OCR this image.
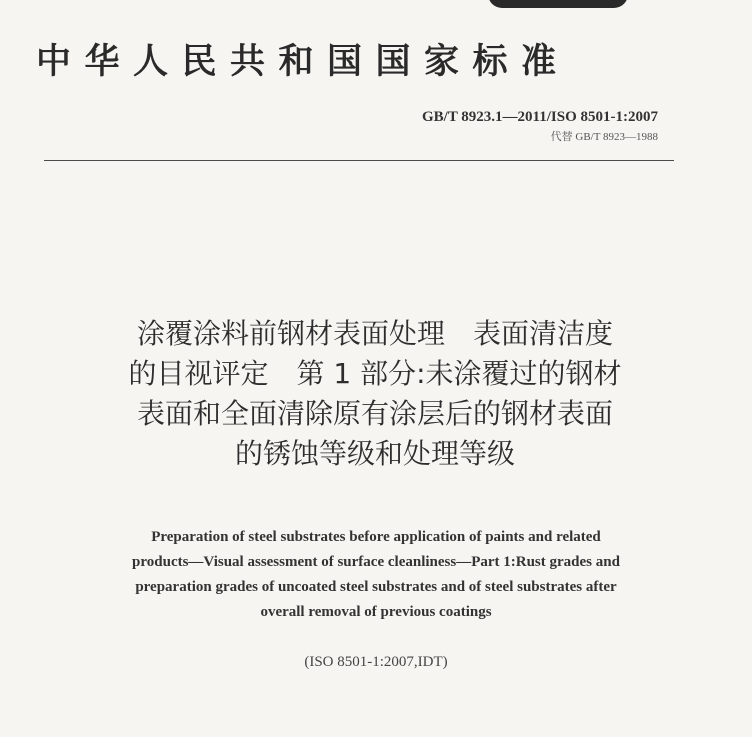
中华人民共和国国家标准
GB/T 8923.1—2011/ISO 8501-1:2007
代替 GB/T 8923—1988
涂覆涂料前钢材表面处理　表面清洁度
的目视评定　第 1 部分:未涂覆过的钢材
表面和全面清除原有涂层后的钢材表面
的锈蚀等级和处理等级
Preparation of steel substrates before application of paints and related
products—Visual assessment of surface cleanliness—Part 1:Rust grades and
preparation grades of uncoated steel substrates and of steel substrates after
overall removal of previous coatings
(ISO 8501-1:2007,IDT)
